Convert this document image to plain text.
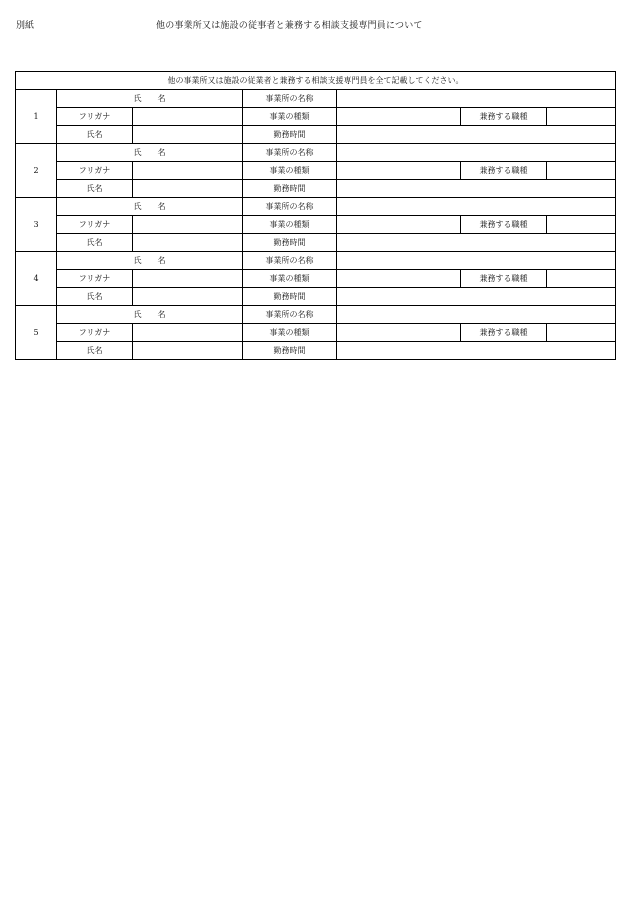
別紙	他の事業所又は施設の従事者と兼務する相談支援専門員について
他の事業所又は施設の従業者と兼務する相談支援専門員を全て記載してください。						
1	氏　　名		事業所の名称			
	フリガナ		事業の種類		兼務する職種	
	氏名		勤務時間			
2	氏　　名		事業所の名称			
	フリガナ		事業の種類		兼務する職種	
	氏名		勤務時間			
3	氏　　名		事業所の名称			
	フリガナ		事業の種類		兼務する職種	
	氏名		勤務時間			
4	氏　　名		事業所の名称			
	フリガナ		事業の種類		兼務する職種	
	氏名		勤務時間			
5	氏　　名		事業所の名称			
	フリガナ		事業の種類		兼務する職種	
	氏名		勤務時間			
